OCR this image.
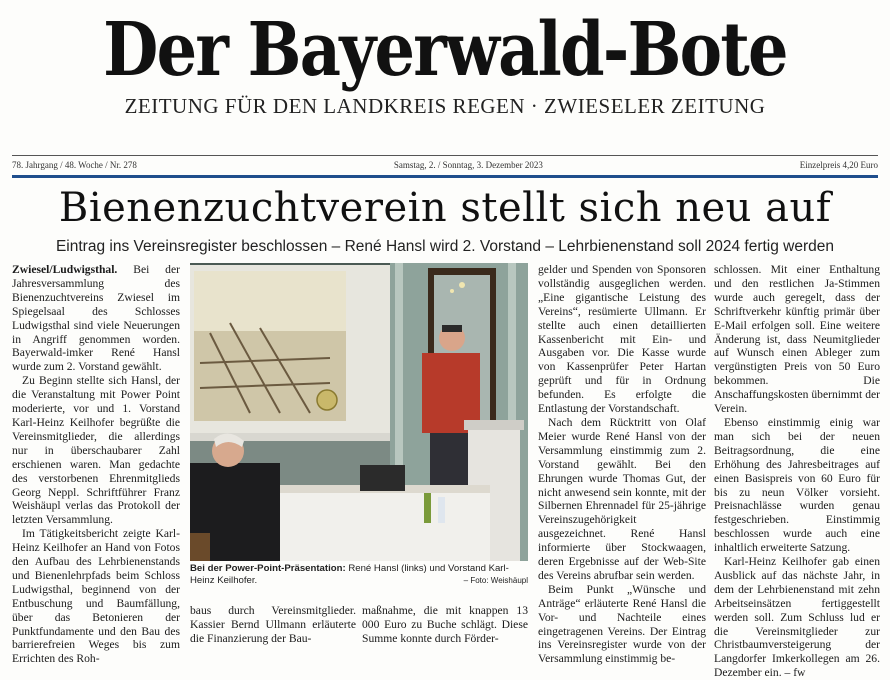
Der Bayerwald-Bote
ZEITUNG FÜR DEN LANDKREIS REGEN · ZWIESELER ZEITUNG
78. Jahrgang / 48. Woche / Nr. 278	Samstag, 2. / Sonntag, 3. Dezember 2023	Einzelpreis 4,20 Euro
Bienenzuchtverein stellt sich neu auf
Eintrag ins Vereinsregister beschlossen – René Hansl wird 2. Vorstand – Lehrbienenstand soll 2024 fertig werden

Zwiesel/Ludwigsthal. Bei der Jahresversammlung des Bienenzuchtvereins Zwiesel im Spiegelsaal des Schlosses Ludwigsthal sind viele Neuerungen in Angriff genommen worden. Bayerwald-imker René Hansl wurde zum 2. Vorstand gewählt.

Zu Beginn stellte sich Hansl, der die Veranstaltung mit Power Point moderierte, vor und 1. Vorstand Karl-Heinz Keilhofer begrüßte die Vereinsmitglieder, die allerdings nur in überschaubarer Zahl erschienen waren. Man gedachte des verstorbenen Ehrenmitglieds Georg Neppl. Schriftführer Franz Weishäupl verlas das Protokoll der letzten Versammlung.

Im Tätigkeitsbericht zeigte Karl-Heinz Keilhofer an Hand von Fotos den Aufbau des Lehrbienenstands und Bienenlehrpfads beim Schloss Ludwigsthal, beginnend von der Entbuschung und Baumfällung, über das Betonieren der Punktfundamente und den Bau des barrierefreien Weges bis zum Errichten des Roh-

Bei der Power-Point-Präsentation: René Hansl (links) und Vorstand Karl-Heinz Keilhofer.	– Foto: Weishäupl

baus durch Vereinsmitglieder. Kassier Bernd Ullmann erläuterte die Finanzierung der Bau-

maßnahme, die mit knappen 13 000 Euro zu Buche schlägt. Diese Summe konnte durch Förder-

gelder und Spenden von Sponsoren vollständig ausgeglichen werden. „Eine gigantische Leistung des Vereins“, resümierte Ullmann. Er stellte auch einen detaillierten Kassenbericht mit Ein- und Ausgaben vor. Die Kasse wurde von Kassenprüfer Peter Hartan geprüft und für in Ordnung befunden. Es erfolgte die Entlastung der Vorstandschaft.

Nach dem Rücktritt von Olaf Meier wurde René Hansl von der Versammlung einstimmig zum 2. Vorstand gewählt. Bei den Ehrungen wurde Thomas Gut, der nicht anwesend sein konnte, mit der Silbernen Ehrennadel für 25-jährige Vereinszugehörigkeit ausgezeichnet. René Hansl informierte über Stockwaagen, deren Ergebnisse auf der Web-Site des Vereins abrufbar sein werden.

Beim Punkt „Wünsche und Anträge“ erläuterte René Hansl die Vor- und Nachteile eines eingetragenen Vereins. Der Eintrag ins Vereinsregister wurde von der Versammlung einstimmig be-

schlossen. Mit einer Enthaltung und den restlichen Ja-Stimmen wurde auch geregelt, dass der Schriftverkehr künftig primär über E-Mail erfolgen soll. Eine weitere Änderung ist, dass Neumitglieder auf Wunsch einen Ableger zum vergünstigten Preis von 50 Euro bekommen. Die Anschaffungskosten übernimmt der Verein.

Ebenso einstimmig einig war man sich bei der neuen Beitragsordnung, die eine Erhöhung des Jahresbeitrages auf einen Basispreis von 60 Euro für bis zu neun Völker vorsieht. Preisnachlässe wurden genau festgeschrieben. Einstimmig beschlossen wurde auch eine inhaltlich erweiterte Satzung.

Karl-Heinz Keilhofer gab einen Ausblick auf das nächste Jahr, in dem der Lehrbienenstand mit zehn Arbeitseinsätzen fertiggestellt werden soll. Zum Schluss lud er die Vereinsmitglieder zur Christbaumversteigerung der Langdorfer Imkerkollegen am 26. Dezember ein. – fw
